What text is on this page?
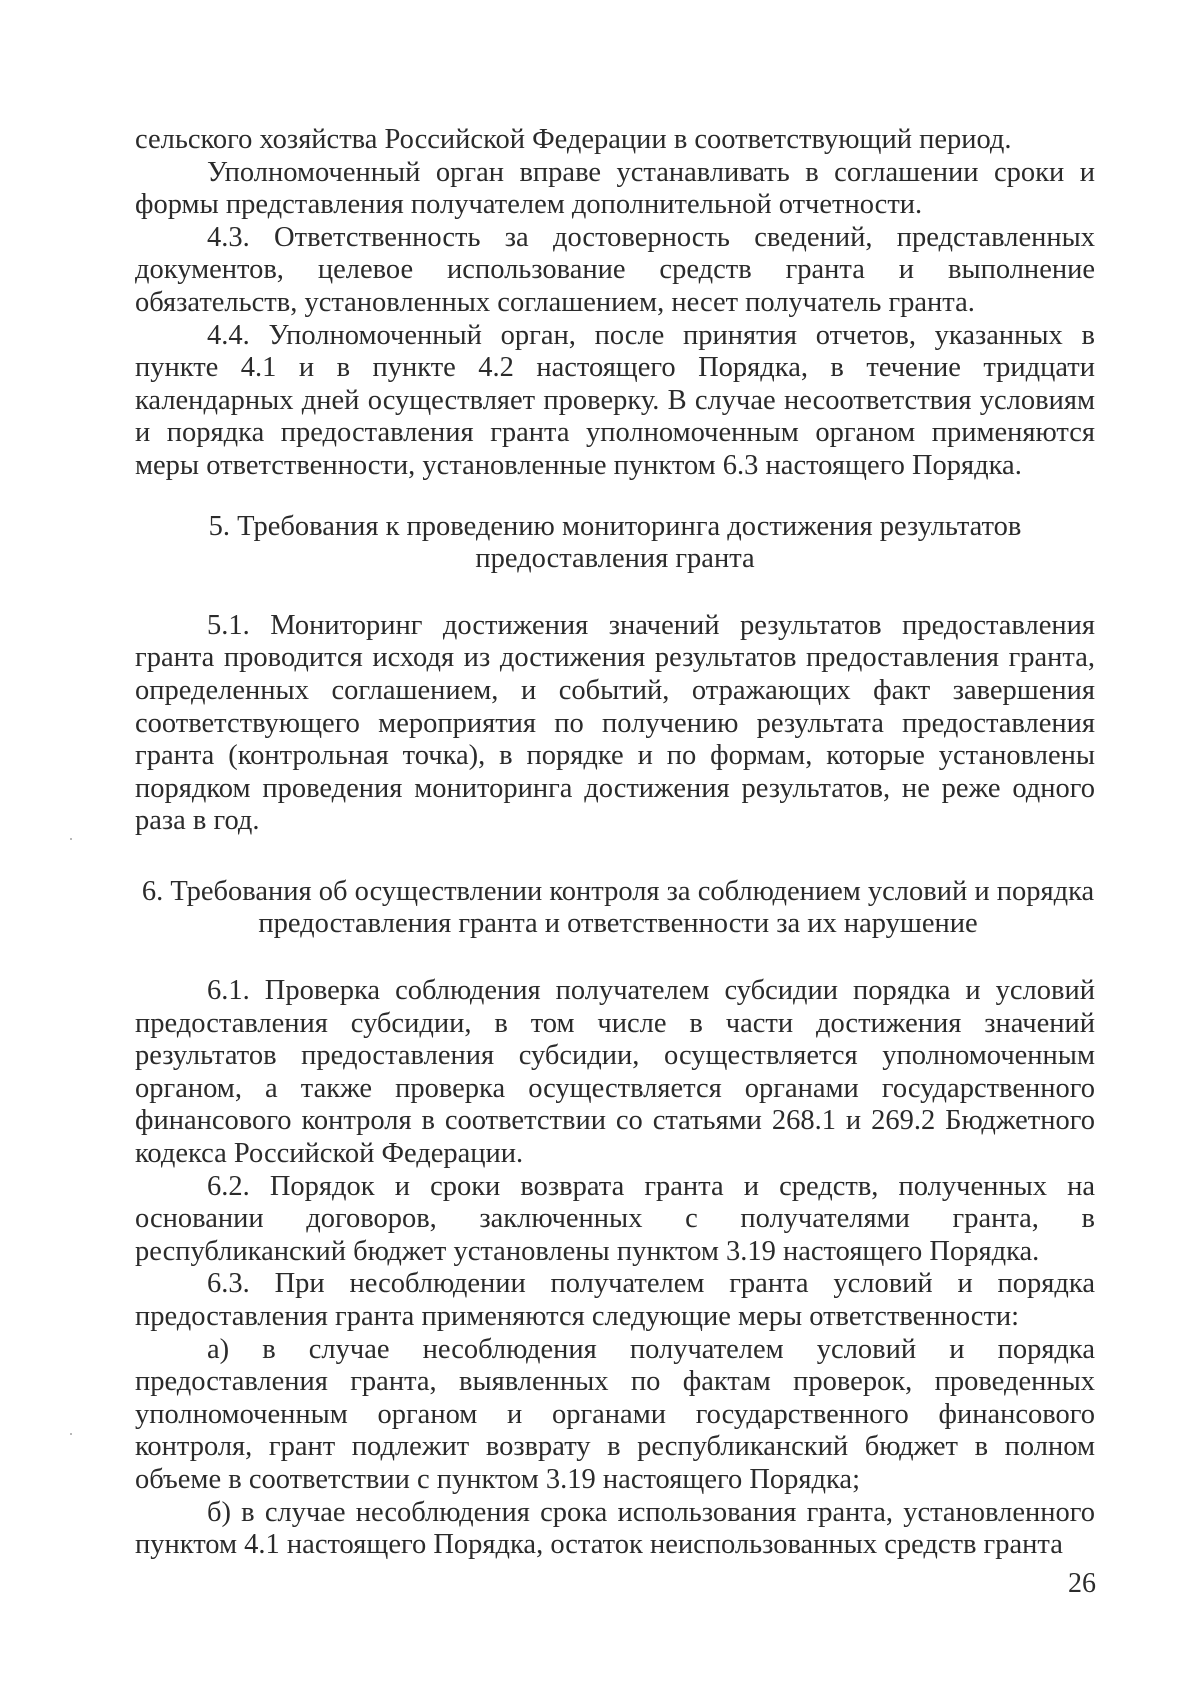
сельского хозяйства Российской Федерации в соответствующий период.

Уполномоченный орган вправе устанавливать в соглашении сроки и формы представления получателем дополнительной отчетности.

4.3. Ответственность за достоверность сведений, представленных документов, целевое использование средств гранта и выполнение обязательств, установленных соглашением, несет получатель гранта.

4.4. Уполномоченный орган, после принятия отчетов, указанных в пункте 4.1 и в пункте 4.2 настоящего Порядка, в течение тридцати календарных дней осуществляет проверку. В случае несоответствия условиям и порядка предоставления гранта уполномоченным органом применяются меры ответственности, установленные пунктом 6.3 настоящего Порядка.

5. Требования к проведению мониторинга достижения результатов
предоставления гранта

5.1. Мониторинг достижения значений результатов предоставления гранта проводится исходя из достижения результатов предоставления гранта, определенных соглашением, и событий, отражающих факт завершения соответствующего мероприятия по получению результата предоставления гранта (контрольная точка), в порядке и по формам, которые установлены порядком проведения мониторинга достижения результатов, не реже одного раза в год.

6. Требования об осуществлении контроля за соблюдением условий и порядка
предоставления гранта и ответственности за их нарушение

6.1. Проверка соблюдения получателем субсидии порядка и условий предоставления субсидии, в том числе в части достижения значений результатов предоставления субсидии, осуществляется уполномоченным органом, а также проверка осуществляется органами государственного финансового контроля в соответствии со статьями 268.1 и 269.2 Бюджетного кодекса Российской Федерации.

6.2. Порядок и сроки возврата гранта и средств, полученных на основании договоров, заключенных с получателями гранта, в республиканский бюджет установлены пунктом 3.19 настоящего Порядка.

6.3. При несоблюдении получателем гранта условий и порядка предоставления гранта применяются следующие меры ответственности:

а) в случае несоблюдения получателем условий и порядка предоставления гранта, выявленных по фактам проверок, проведенных уполномоченным органом и органами государственного финансового контроля, грант подлежит возврату в республиканский бюджет в полном объеме в соответствии с пунктом 3.19 настоящего Порядка;

б) в случае несоблюдения срока использования гранта, установленного пунктом 4.1 настоящего Порядка, остаток неиспользованных средств гранта

26
